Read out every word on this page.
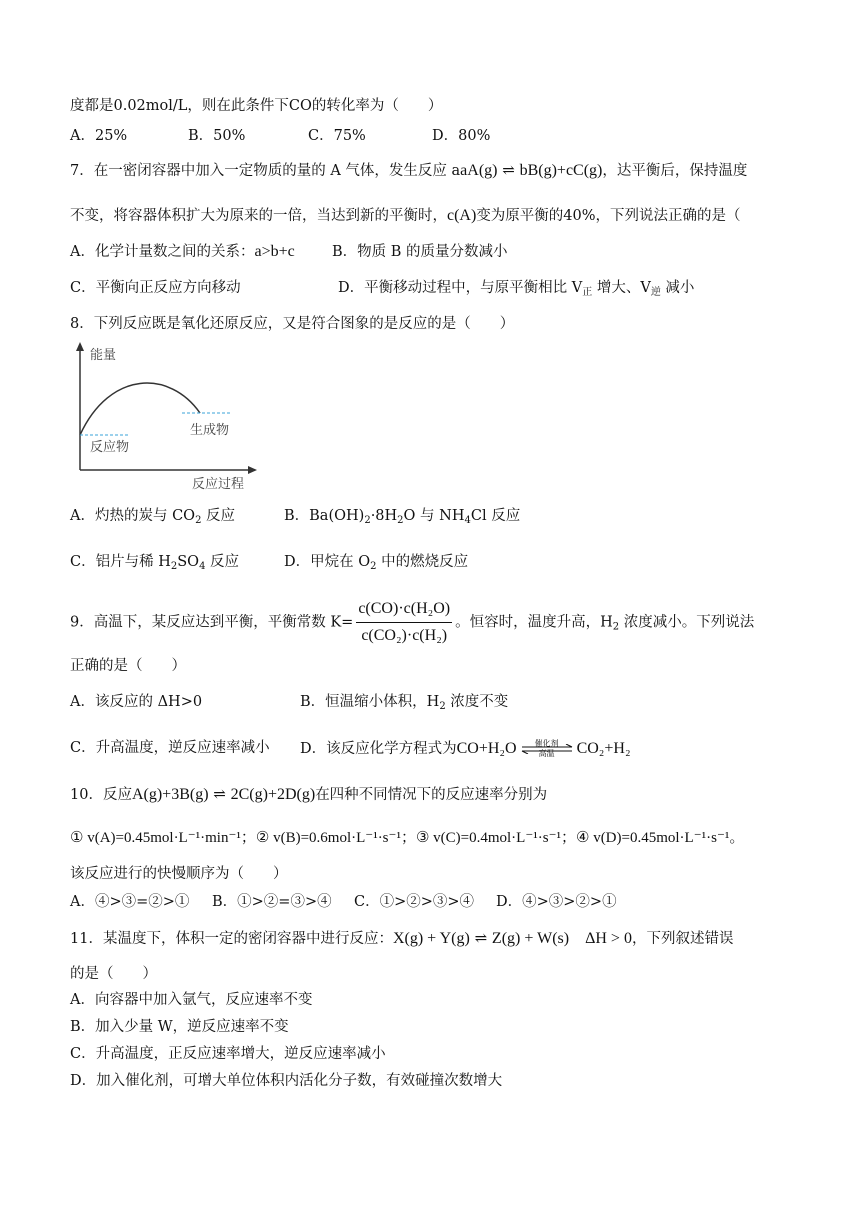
度都是0.02mol/L，则在此条件下CO的转化率为（　　）
A．25%	B．50%	C．75%	D．80%
7．在一密闭容器中加入一定物质的量的 A 气体，发生反应 aaA(g) ⇌ bB(g)+cC(g)，达平衡后，保持温度
不变，将容器体积扩大为原来的一倍，当达到新的平衡时，c(A)变为原平衡的40%，下列说法正确的是（
A．化学计量数之间的关系：a>b+c	B．物质 B 的质量分数减小
C．平衡向正反应方向移动	D．平衡移动过程中，与原平衡相比 $V_正$ 增大、$V_逆$ 减小
8．下列反应既是氧化还原反应，又是符合图象的是反应的是（　　）
能量
反应物
生成物
反应过程
A．灼热的炭与 $CO_2$ 反应	B．$Ba(OH)_2\cdot 8H_2O$ 与 $NH_4Cl$ 反应
C．铝片与稀 $H_2SO_4$ 反应	D．甲烷在 $O_2$ 中的燃烧反应
9．高温下，某反应达到平衡，平衡常数 $K= \frac{\text{c(CO)·c(H₂O)}}{\text{c(CO₂)·c(H₂)}}$ 。恒容时，温度升高，$H_2$ 浓度减小。下列说法
正确的是（　　）
A．该反应的 ΔH>0	B．恒温缩小体积，$H_2$ 浓度不变
C．升高温度，逆反应速率减小 D．该反应化学方程式为CO+H₂O	催化剂
高温	CO₂+H₂
10．反应A(g)+3B(g) ⇌ 2C(g)+2D(g)在四种不同情况下的反应速率分别为
① v(A)=0.45mol·L⁻¹·min⁻¹；② v(B)=0.6mol·L⁻¹·s⁻¹；③ v(C)=0.4mol·L⁻¹·s⁻¹；④ v(D)=0.45mol·L⁻¹·s⁻¹。
该反应进行的快慢顺序为（　　）
A．④>③=②>① B．①>②=③>④ C．①>②>③>④ D．④>③>②>①
11．某温度下，体积一定的密闭容器中进行反应：X(g) + Y(g) ⇌ Z(g) + W(s) ΔH > 0，下列叙述错误
的是（　　）
A．向容器中加入氩气，反应速率不变
B．加入少量 W，逆反应速率不变
C．升高温度，正反应速率增大，逆反应速率减小
D．加入催化剂，可增大单位体积内活化分子数，有效碰撞次数增大
